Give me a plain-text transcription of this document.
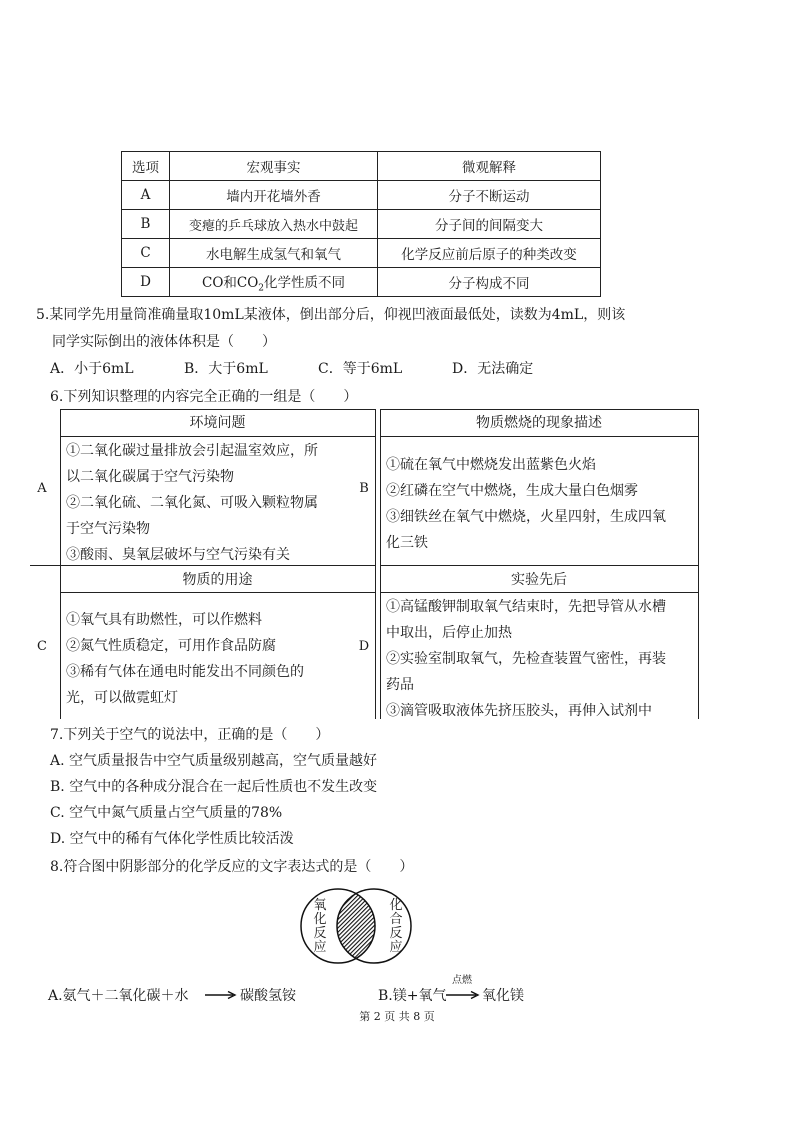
选项	宏观事实	微观解释
A	墙内开花墙外香	分子不断运动
B	变瘪的乒乓球放入热水中鼓起	分子间的间隔变大
C	水电解生成氢气和氧气	化学反应前后原子的种类改变
D	CO和$CO_2$化学性质不同	分子构成不同
5.某同学先用量筒准确量取10mL某液体，倒出部分后，仰视凹液面最低处，读数为4mL，则该
同学实际倒出的液体体积是（　　）
A．小于6mL	B．大于6mL	C．等于6mL	D．无法确定
6.下列知识整理的内容完全正确的一组是（　　）
A
环境问题
①二氧化碳过量排放会引起温室效应，所
以二氧化碳属于空气污染物
②二氧化硫、二氧化氮、可吸入颗粒物属
于空气污染物
③酸雨、臭氧层破坏与空气污染有关
B
物质燃烧的现象描述
①硫在氧气中燃烧发出蓝紫色火焰
②红磷在空气中燃烧，生成大量白色烟雾
③细铁丝在氧气中燃烧，火星四射，生成四氧
化三铁
C
物质的用途
①氧气具有助燃性，可以作燃料
②氮气性质稳定，可用作食品防腐
③稀有气体在通电时能发出不同颜色的
光，可以做霓虹灯
D
实验先后
①高锰酸钾制取氧气结束时，先把导管从水槽
中取出，后停止加热
②实验室制取氧气，先检查装置气密性，再装
药品
③滴管吸取液体先挤压胶头，再伸入试剂中
7.下列关于空气的说法中，正确的是（　　）
A. 空气质量报告中空气质量级别越高，空气质量越好
B. 空气中的各种成分混合在一起后性质也不发生改变
C. 空气中氮气质量占空气质量的78%
D. 空气中的稀有气体化学性质比较活泼
8.符合图中阴影部分的化学反应的文字表达式的是（　　）
氧
化
反
应
化
合
反
应
A.氨气＋二氧化碳＋水	碳酸氢铵	B.镁+氧气
点燃
氧化镁
第 2 页 共 8 页
